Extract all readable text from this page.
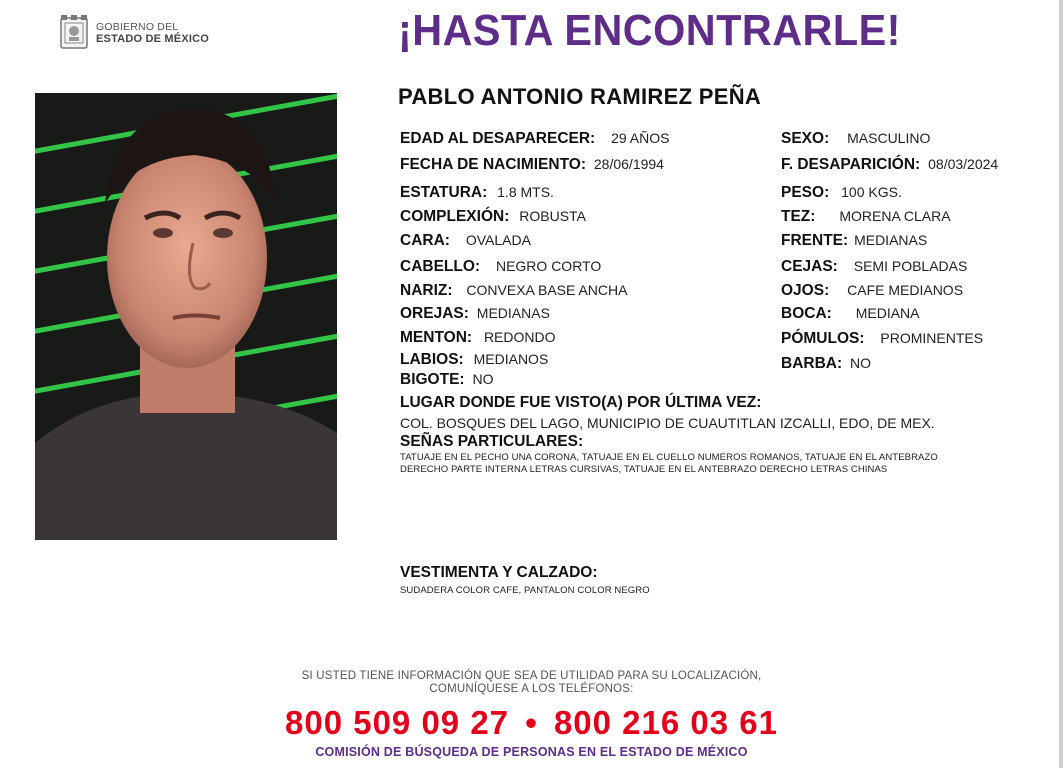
GOBIERNO DEL
ESTADO DE MÉXICO	¡HASTA ENCONTRARLE!
PABLO ANTONIO RAMIREZ PEÑA
EDAD AL DESAPARECER: 29 AÑOS	SEXO: MASCULINO
FECHA DE NACIMIENTO: 28/06/1994	F. DESAPARICIÓN: 08/03/2024
ESTATURA: 1.8 MTS.	PESO: 100 KGS.
COMPLEXIÓN: ROBUSTA	TEZ: MORENA CLARA
CARA: OVALADA	FRENTE: MEDIANAS
CABELLO: NEGRO CORTO	CEJAS: SEMI POBLADAS
NARIZ: CONVEXA BASE ANCHA	OJOS: CAFE MEDIANOS
OREJAS: MEDIANAS	BOCA: MEDIANA
MENTON: REDONDO	PÓMULOS: PROMINENTES
LABIOS: MEDIANOS	BARBA: NO
BIGOTE: NO
LUGAR DONDE FUE VISTO(A) POR ÚLTIMA VEZ:
COL. BOSQUES DEL LAGO, MUNICIPIO DE CUAUTITLAN IZCALLI, EDO, DE MEX.
SEÑAS PARTICULARES:
TATUAJE EN EL PECHO UNA CORONA, TATUAJE EN EL CUELLO NUMEROS ROMANOS, TATUAJE EN EL ANTEBRAZO
DERECHO PARTE INTERNA LETRAS CURSIVAS, TATUAJE EN EL ANTEBRAZO DERECHO LETRAS CHINAS
VESTIMENTA Y CALZADO:
SUDADERA COLOR CAFE, PANTALON COLOR NEGRO
SI USTED TIENE INFORMACIÓN QUE SEA DE UTILIDAD PARA SU LOCALIZACIÓN,
COMUNÍQUESE A LOS TELÉFONOS:
800 509 09 27 • 800 216 03 61
COMISIÓN DE BÚSQUEDA DE PERSONAS EN EL ESTADO DE MÉXICO
